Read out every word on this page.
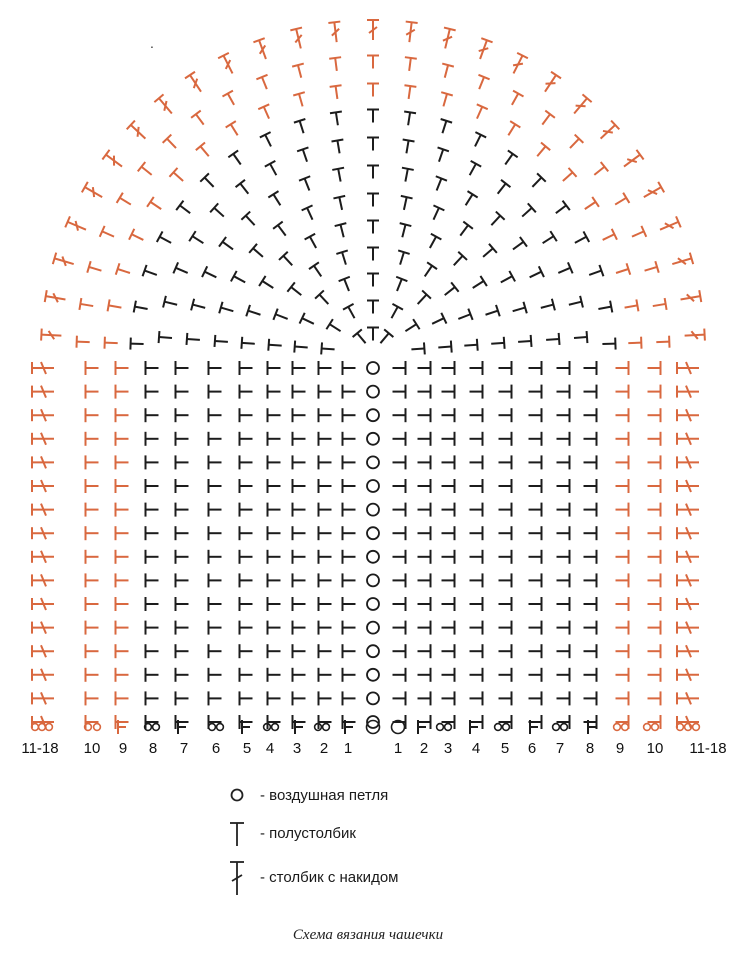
11-18 10 9 8 7 6 5 4 3 2 1	1 2 3 4 5 6 7 8 9 10 11-18
.
- воздушная петля
- полустолбик
- столбик с накидом
Схема вязания чашечки
